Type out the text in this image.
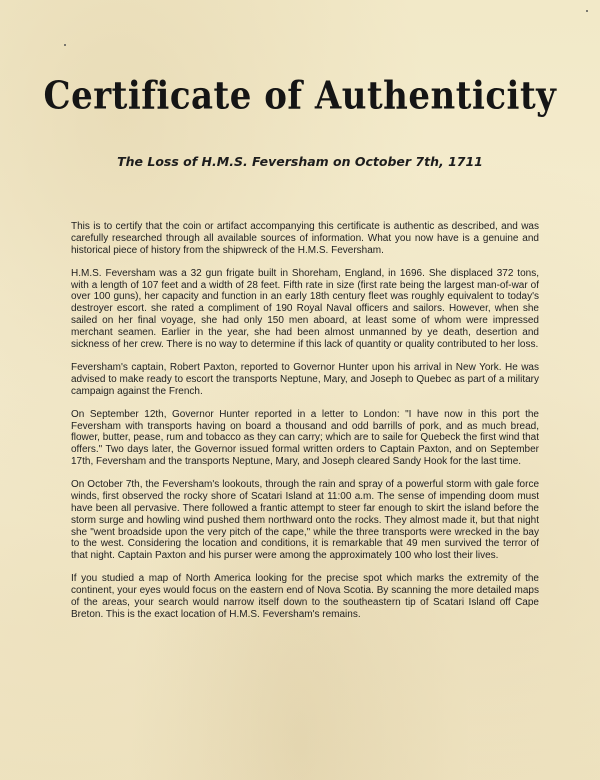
Certificate of Authenticity
The Loss of H.M.S. Feversham on October 7th, 1711

This is to certify that the coin or artifact accompanying this certificate is authentic as described, and was carefully researched through all available sources of information. What you now have is a genuine and historical piece of history from the shipwreck of the H.M.S. Feversham.

H.M.S. Feversham was a 32 gun frigate built in Shoreham, England, in 1696. She displaced 372 tons, with a length of 107 feet and a width of 28 feet. Fifth rate in size (first rate being the largest man-of-war of over 100 guns), her capacity and function in an early 18th century fleet was roughly equivalent to today's destroyer escort. she rated a compliment of 190 Royal Naval officers and sailors. However, when she sailed on her final voyage, she had only 150 men aboard, at least some of whom were impressed merchant seamen. Earlier in the year, she had been almost unmanned by ye death, desertion and sickness of her crew. There is no way to determine if this lack of quantity or quality contributed to her loss.

Feversham's captain, Robert Paxton, reported to Governor Hunter upon his arrival in New York. He was advised to make ready to escort the transports Neptune, Mary, and Joseph to Quebec as part of a military campaign against the French.

On September 12th, Governor Hunter reported in a letter to London: "I have now in this port the Feversham with transports having on board a thousand and odd barrills of pork, and as much bread, flower, butter, pease, rum and tobacco as they can carry; which are to saile for Quebeck the first wind that offers." Two days later, the Governor issued formal written orders to Captain Paxton, and on September 17th, Feversham and the transports Neptune, Mary, and Joseph cleared Sandy Hook for the last time.

On October 7th, the Feversham's lookouts, through the rain and spray of a powerful storm with gale force winds, first observed the rocky shore of Scatari Island at 11:00 a.m. The sense of impending doom must have been all pervasive. There followed a frantic attempt to steer far enough to skirt the island before the storm surge and howling wind pushed them northward onto the rocks. They almost made it, but that night she "went broadside upon the very pitch of the cape," while the three transports were wrecked in the bay to the west. Considering the location and conditions, it is remarkable that 49 men survived the terror of that night. Captain Paxton and his purser were among the approximately 100 who lost their lives.

If you studied a map of North America looking for the precise spot which marks the extremity of the continent, your eyes would focus on the eastern end of Nova Scotia. By scanning the more detailed maps of the areas, your search would narrow itself down to the southeastern tip of Scatari Island off Cape Breton. This is the exact location of H.M.S. Feversham's remains.
